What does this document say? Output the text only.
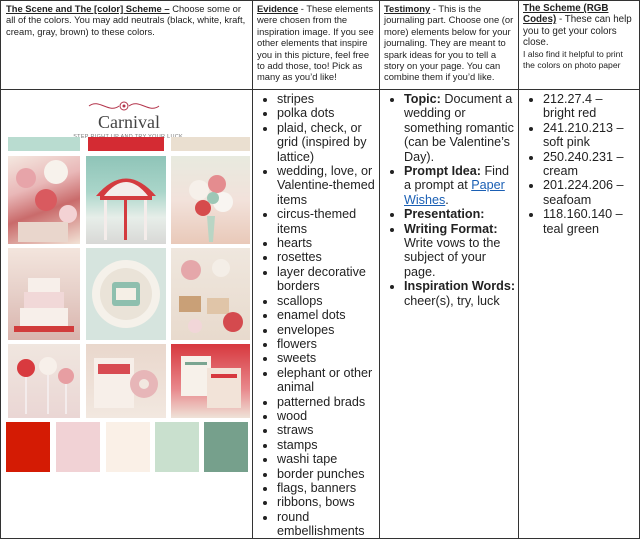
The Scene and The [color] Scheme – Choose some or all of the colors. You may add neutrals (black, white, kraft, cream, gray, brown) to these colors.
Evidence - These elements were chosen from the inspiration image. If you see other elements that inspire you in this picture, feel free to add those, too! Pick as many as you’d like!
Testimony - This is the journaling part. Choose one (or more) elements below for your journaling. They are meant to spark ideas for you to tell a story on your page. You can combine them if you’d like.
The Scheme (RGB Codes) - These can help you to get your colors close.
I also find it helpful to print the colors on photo paper
Carnival
STEP
• stripes
• polka dots
• plaid, check, or grid (inspired by lattice)
• wedding, love, or Valentine-themed items
• circus-themed items
• hearts
• rosettes
• layer decorative borders
• scallops
• enamel dots
• envelopes
• flowers
• sweets
• elephant or other animal
• patterned brads
• wood
• straws
• stamps
• washi tape
• border punches
• flags, banners
• ribbons, bows
• round embellishments
• Topic: Document a wedding or something romantic (can be Valentine’s Day).
• Prompt Idea: Find a prompt at Paper Wishes.
• Presentation:
• Writing Format: Write vows to the subject of your page.
• Inspiration Words: cheer(s), try, luck
• 212.27.4 – bright red
• 241.210.213 – soft pink
• 250.240.231 – cream
• 201.224.206 – seafoam
• 118.160.140 – teal green
